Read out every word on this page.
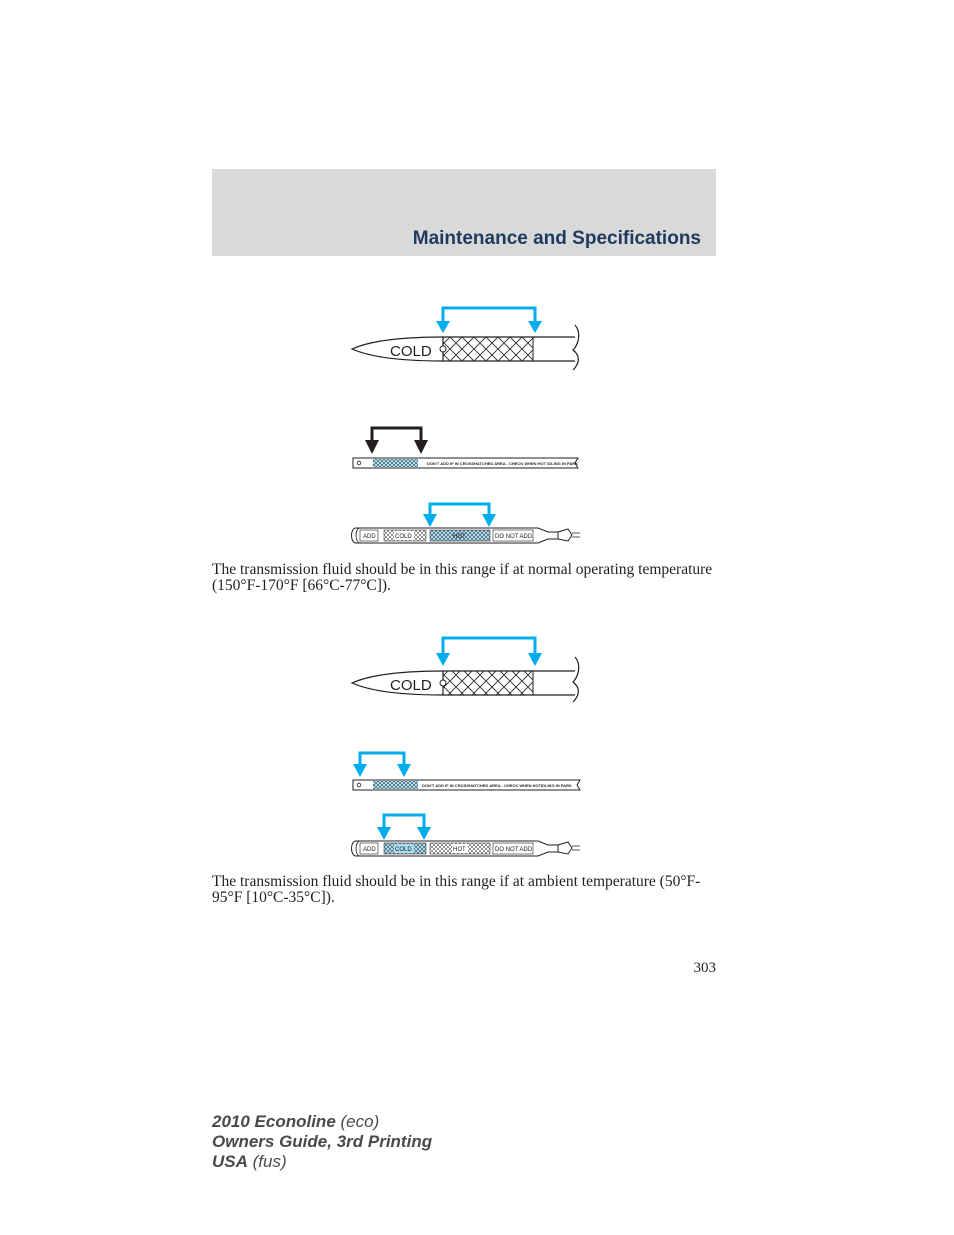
Maintenance and Specifications
COLD
DON'T ADD IF IN CROSSHATCHED AREA - CHECK WHEN HOT IDLING IN PARK
ADD	COLD	HOT	DO NOT ADD
The transmission fluid should be in this range if at normal operating temperature (150°F-170°F [66°C-77°C]).
COLD
DON'T ADD IF IN CROSSHATCHED AREA - CHECK WHEN HOT IDLING IN PARK
ADD	COLD	HOT	DO NOT ADD
The transmission fluid should be in this range if at ambient temperature (50°F-95°F [10°C-35°C]).
303
2010 Econoline (eco)
Owners Guide, 3rd Printing
USA (fus)
